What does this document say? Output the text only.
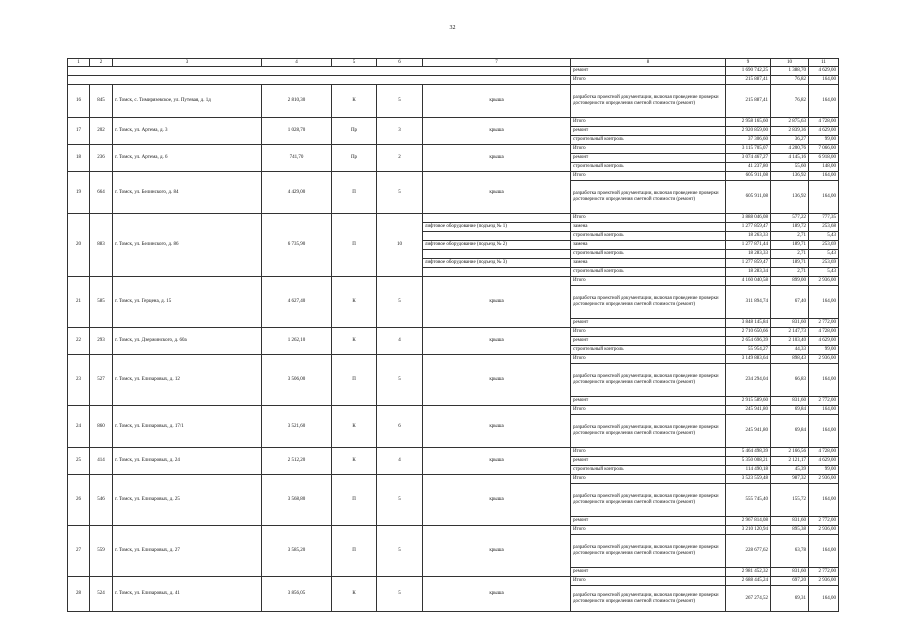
32
1	2	3	4	5	6	7	8	9	10	11
							ремонт	1 690 742,25	1 388,70	4 629,00
							Итого	215 887,41	76,82	164,00
16	845	г. Томск, с. Тимирязевское, ул. Путевая, д. 1д	2 810,30	К	5	крыша	разработка проектной документации, включая проведение проверки достоверности определения сметной стоимости (ремонт)	215 887,41	76,82	164,00
17	202	г. Томск, ул. Артема, д. 3	1 028,70	Пр	3	крыша	Итого	2 958 165,60	2 875,63	4 728,00
							ремонт	2 920 859,00	2 839,36	4 629,00
							строительный контроль	37 306,60	36,27	99,00
18	236	г. Томск, ул. Артема, д. 6	741,70	Пр	2	крыша	Итого	3 115 705,07	4 200,76	7 066,00
							ремонт	3 074 467,27	4 145,16	6 918,00
							строительный контроль	41 237,80	55,60	148,00
19	664	г. Томск, ул. Белинского, д. 84	4 429,00	П	5	крыша	Итого	605 911,08	136,92	164,00
							разработка проектной документации, включая проведение проверки достоверности определения сметной стоимости (ремонт)	605 911,08	136,92	164,00
20	883	г. Томск, ул. Белинского, д. 86	6 735,90	П	10		Итого	3 888 046,08	577,22	777,35
						лифтовое оборудование (подъезд № 1)	замена	1 277 859,47	189,72	253,68
							строительный контроль	18 263,33	2,71	5,43
						лифтовое оборудование (подъезд № 2)	замена	1 277 871,44	189,71	253,69
							строительный контроль	18 283,33	2,71	5,43
						лифтовое оборудование (подъезд № 3)	замена	1 277 859,47	189,71	253,69
							строительный контроль	18 283,34	2,71	5,43
21	585	г. Томск, ул. Герцена, д. 15	4 627,40	К	5	крыша	Итого	4 160 040,58	899,00	2 936,00
							разработка проектной документации, включая проведение проверки достоверности определения сметной стоимости (ремонт)	311 894,74	67,40	164,00
							ремонт	3 848 145,84	831,60	2 772,00
22	293	г. Томск, ул. Дзержинского, д. 60а	1 262,10	К	4	крыша	Итого	2 710 650,66	2 147,73	4 728,00
							ремонт	2 654 696,39	2 103,40	4 629,00
							строительный контроль	55 954,27	44,33	99,00
23	527	г. Томск, ул. Елизаровых, д. 12	3 506,00	П	5	крыша	Итого	3 149 883,64	898,43	2 936,00
							разработка проектной документации, включая проведение проверки достоверности определения сметной стоимости (ремонт)	234 294,04	66,83	164,00
							ремонт	2 915 589,60	831,60	2 772,00
24	860	г. Томск, ул. Елизаровых, д. 17/1	3 521,60	К	6	крыша	Итого	245 941,80	69,84	164,00
							разработка проектной документации, включая проведение проверки достоверности определения сметной стоимости (ремонт)	245 941,80	69,84	164,00
25	414	г. Томск, ул. Елизаровых, д. 24	2 512,20	К	4	крыша	Итого	5 464 498,39	2 166,56	4 728,00
							ремонт	5 350 008,21	2 121,17	4 629,00
							строительный контроль	114 490,18	45,39	99,00
26	546	г. Томск, ул. Елизаровых, д. 25	3 568,80	П	5	крыша	Итого	3 523 559,48	987,32	2 936,00
							разработка проектной документации, включая проведение проверки достоверности определения сметной стоимости (ремонт)	555 745,40	155,72	164,00
							ремонт	2 967 814,08	831,60	2 772,00
27	559	г. Томск, ул. Елизаровых, д. 27	3 585,20	П	5	крыша	Итого	3 210 120,94	895,38	2 936,00
							разработка проектной документации, включая проведение проверки достоверности определения сметной стоимости (ремонт)	228 677,62	63,78	164,00
							ремонт	2 981 452,32	831,60	2 772,00
28	524	г. Томск, ул. Елизаровых, д. 41	3 856,05	К	5	крыша	Итого	2 688 445,24	697,20	2 936,00
							разработка проектной документации, включая проведение проверки достоверности определения сметной стоимости (ремонт)	267 274,52	69,31	164,00
